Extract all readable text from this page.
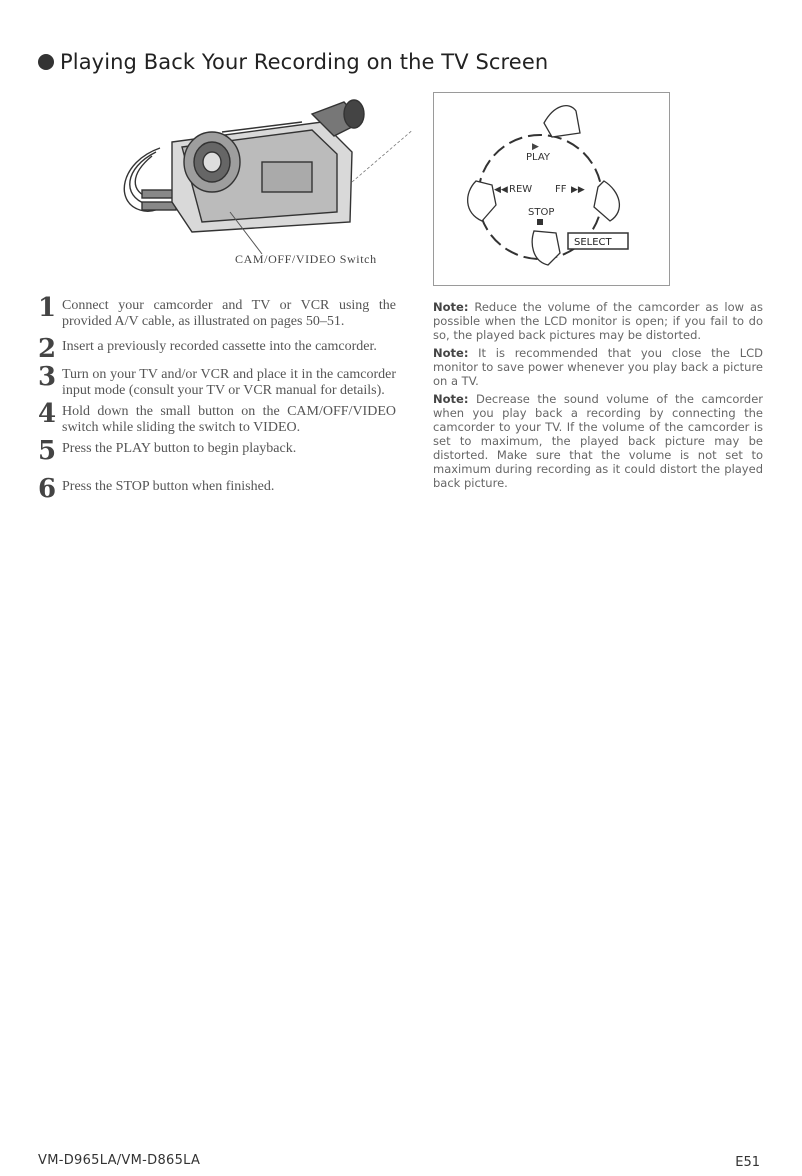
Playing Back Your Recording on the TV Screen
CAM/OFF/VIDEO Switch
▶
PLAY
◀◀ REW FF ▶▶
STOP
SELECT
1 Connect your camcorder and TV or VCR using the provided A/V cable, as illustrated on pages 50–51.
2 Insert a previously recorded cassette into the camcorder.
3 Turn on your TV and/or VCR and place it in the camcorder input mode (consult your TV or VCR manual for details).
4 Hold down the small button on the CAM/OFF/VIDEO switch while sliding the switch to VIDEO.
5 Press the PLAY button to begin playback.
6 Press the STOP button when finished.
Note: Reduce the volume of the camcorder as low as possible when the LCD monitor is open; if you fail to do so, the played back pictures may be distorted.
Note: It is recommended that you close the LCD monitor to save power whenever you play back a picture on a TV.
Note: Decrease the sound volume of the camcorder when you play back a recording by connecting the camcorder to your TV. If the volume of the camcorder is set to maximum, the played back picture may be distorted. Make sure that the volume is not set to maximum during recording as it could distort the played back picture.
VM-D965LA/VM-D865LA	E51
